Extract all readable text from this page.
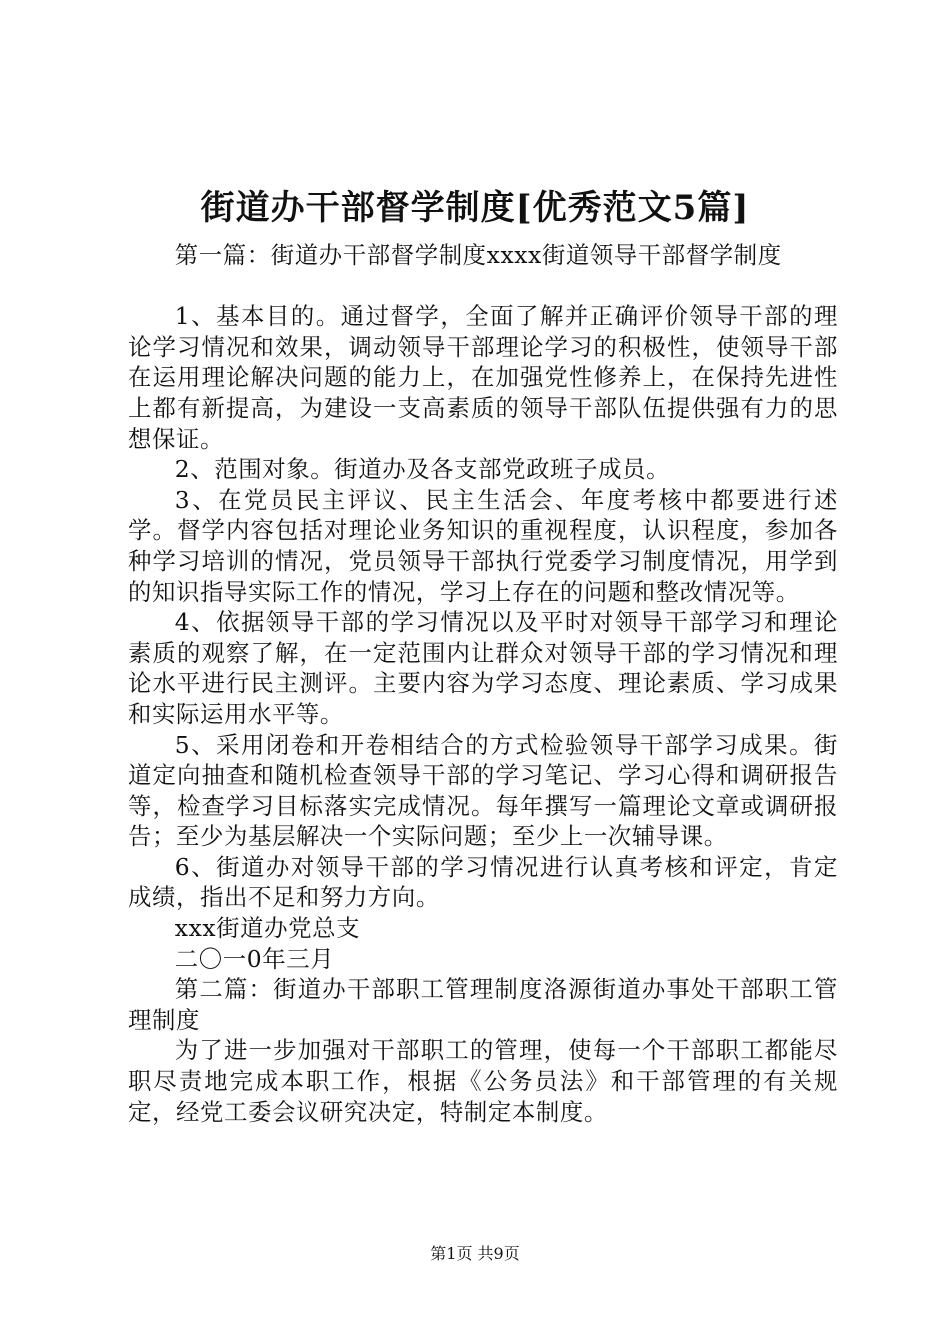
街道办干部督学制度[优秀范文5篇]

第一篇：街道办干部督学制度xxxx街道领导干部督学制度

1、基本目的。通过督学，全面了解并正确评价领导干部的理论学习情况和效果，调动领导干部理论学习的积极性，使领导干部在运用理论解决问题的能力上，在加强党性修养上，在保持先进性上都有新提高，为建设一支高素质的领导干部队伍提供强有力的思想保证。

2、范围对象。街道办及各支部党政班子成员。

3、在党员民主评议、民主生活会、年度考核中都要进行述学。督学内容包括对理论业务知识的重视程度，认识程度，参加各种学习培训的情况，党员领导干部执行党委学习制度情况，用学到的知识指导实际工作的情况，学习上存在的问题和整改情况等。

4、依据领导干部的学习情况以及平时对领导干部学习和理论素质的观察了解，在一定范围内让群众对领导干部的学习情况和理论水平进行民主测评。主要内容为学习态度、理论素质、学习成果和实际运用水平等。

5、采用闭卷和开卷相结合的方式检验领导干部学习成果。街道定向抽查和随机检查领导干部的学习笔记、学习心得和调研报告等，检查学习目标落实完成情况。每年撰写一篇理论文章或调研报告；至少为基层解决一个实际问题；至少上一次辅导课。

6、街道办对领导干部的学习情况进行认真考核和评定，肯定成绩，指出不足和努力方向。

xxx街道办党总支

二〇一0年三月

第二篇：街道办干部职工管理制度洛源街道办事处干部职工管理制度

为了进一步加强对干部职工的管理，使每一个干部职工都能尽职尽责地完成本职工作，根据《公务员法》和干部管理的有关规定，经党工委会议研究决定，特制定本制度。

第1页 共9页
